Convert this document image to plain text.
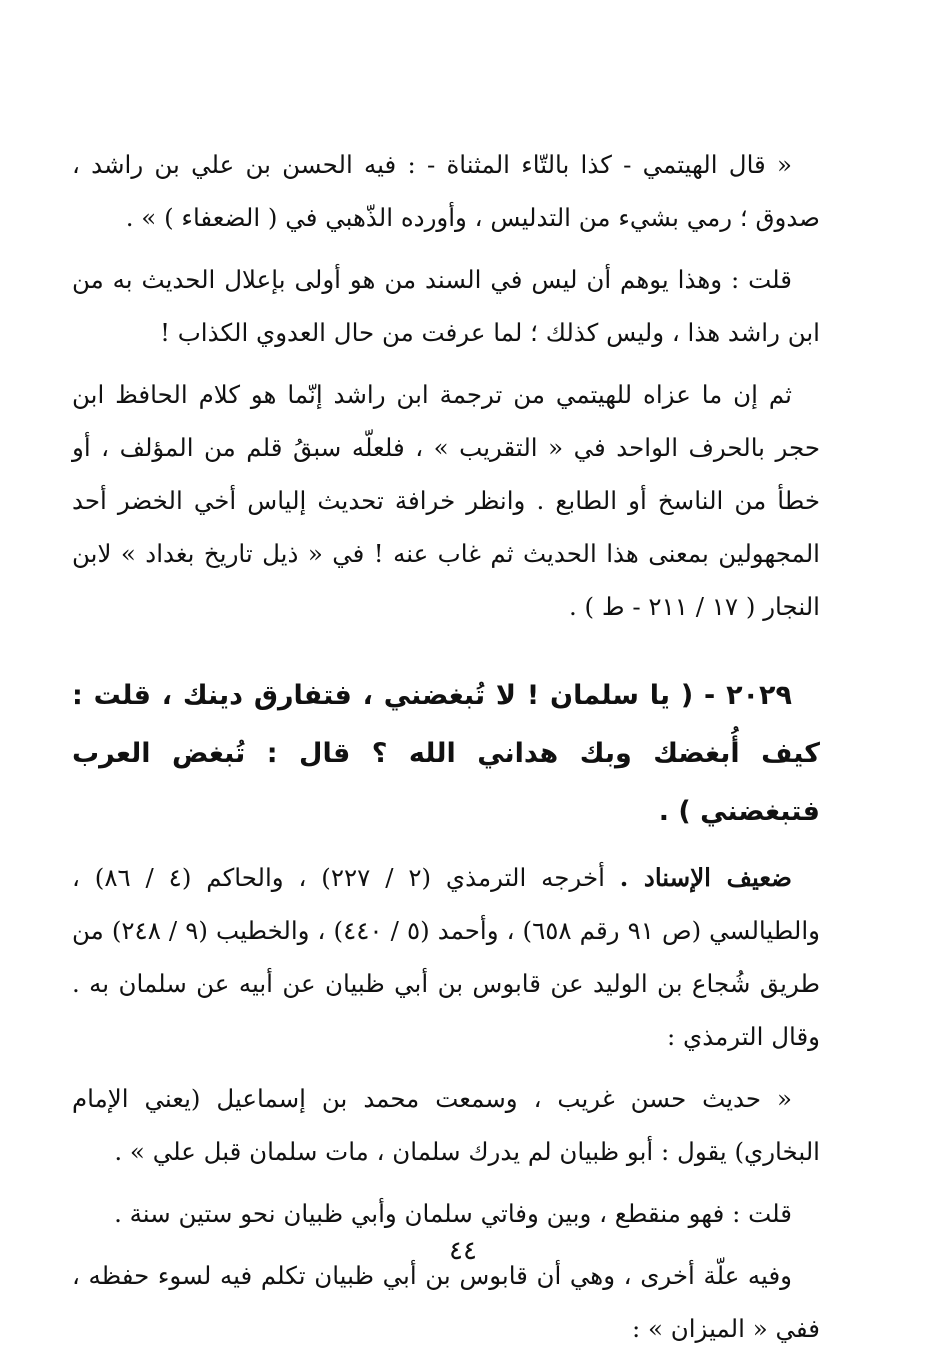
« قال الهيتمي - كذا بالتّاء المثناة - : فيه الحسن بن علي بن راشد ، صدوق ؛ رمي بشيء من التدليس ، وأورده الذّهبي في ( الضعفاء ) » .

قلت : وهذا يوهم أن ليس في السند من هو أولى بإعلال الحديث به من ابن راشد هذا ، وليس كذلك ؛ لما عرفت من حال العدوي الكذاب !

ثم إن ما عزاه للهيتمي من ترجمة ابن راشد إنّما هو كلام الحافظ ابن حجر بالحرف الواحد في « التقريب » ، فلعلّه سبقُ قلم من المؤلف ، أو خطأ من الناسخ أو الطابع . وانظر خرافة تحديث إلياس أخي الخضر أحد المجهولين بمعنى هذا الحديث ثم غاب عنه ! في « ذيل تاريخ بغداد » لابن النجار ( ١٧ / ٢١١ - ط ) .

٢٠٢٩ - ( يا سلمان ! لا تُبغضني ، فتفارق دينك ، قلت : كيف أُبغضك وبك هداني الله ؟ قال : تُبغض العرب فتبغضني ) .

ضعيف الإسناد . أخرجه الترمذي (٢ / ٢٢٧) ، والحاكم (٤ / ٨٦) ، والطيالسي (ص ٩١ رقم ٦٥٨) ، وأحمد (٥ / ٤٤٠) ، والخطيب (٩ / ٢٤٨) من طريق شُجاع بن الوليد عن قابوس بن أبي ظبيان عن أبيه عن سلمان به . وقال الترمذي :

« حديث حسن غريب ، وسمعت محمد بن إسماعيل (يعني الإمام البخاري) يقول : أبو ظبيان لم يدرك سلمان ، مات سلمان قبل علي » .

قلت : فهو منقطع ، وبين وفاتي سلمان وأبي ظبيان نحو ستين سنة .

وفيه علّة أخرى ، وهي أن قابوس بن أبي ظبيان تكلم فيه لسوء حفظه ، ففي « الميزان » :

٤٤
